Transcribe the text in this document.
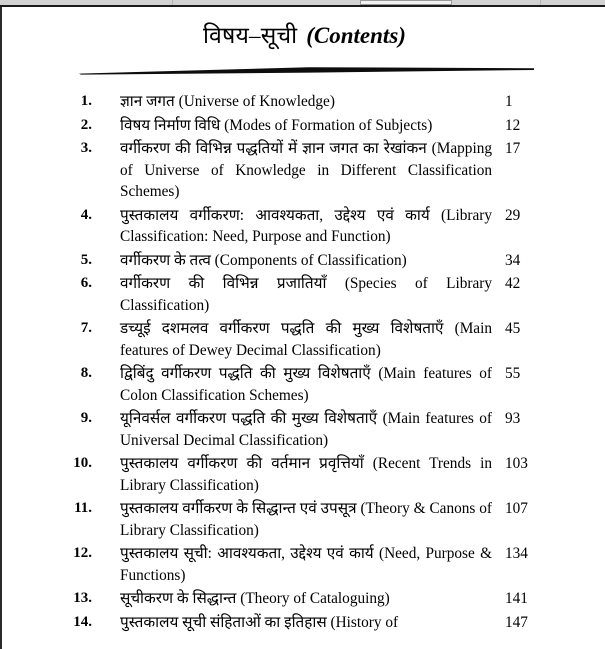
विषय–सूची (Contents)
1. ज्ञान जगत (Universe of Knowledge)	1
2. विषय निर्माण विधि (Modes of Formation of Subjects)	12
3. वर्गीकरण की विभिन्न पद्धतियों में ज्ञान जगत का रेखांकन (Mapping of Universe of Knowledge in Different Classification Schemes)
17
4. पुस्तकालय वर्गीकरण: आवश्यकता, उद्देश्य एवं कार्य (Library Classification: Need, Purpose and Function)
29
5. वर्गीकरण के तत्व (Components of Classification)	34
6. वर्गीकरण की विभिन्न प्रजातियाँ (Species of Library Classification)
42
7. डच्यूई दशमलव वर्गीकरण पद्धति की मुख्य विशेषताएँ (Main features of Dewey Decimal Classification)
45
8. द्विबिंदु वर्गीकरण पद्धति की मुख्य विशेषताएँ (Main features of Colon Classification Schemes)
55
9. यूनिवर्सल वर्गीकरण पद्धति की मुख्य विशेषताएँ (Main features of Universal Decimal Classification)
93
10. पुस्तकालय वर्गीकरण की वर्तमान प्रवृत्तियाँ (Recent Trends in Library Classification)
103
11. पुस्तकालय वर्गीकरण के सिद्धान्त एवं उपसूत्र (Theory & Canons of Library Classification)
107
12. पुस्तकालय सूची: आवश्यकता, उद्देश्य एवं कार्य (Need, Purpose & Functions)
134
13. सूचीकरण के सिद्धान्त (Theory of Cataloguing)	141
14. पुस्तकालय सूची संहिताओं का इतिहास (History of	147
